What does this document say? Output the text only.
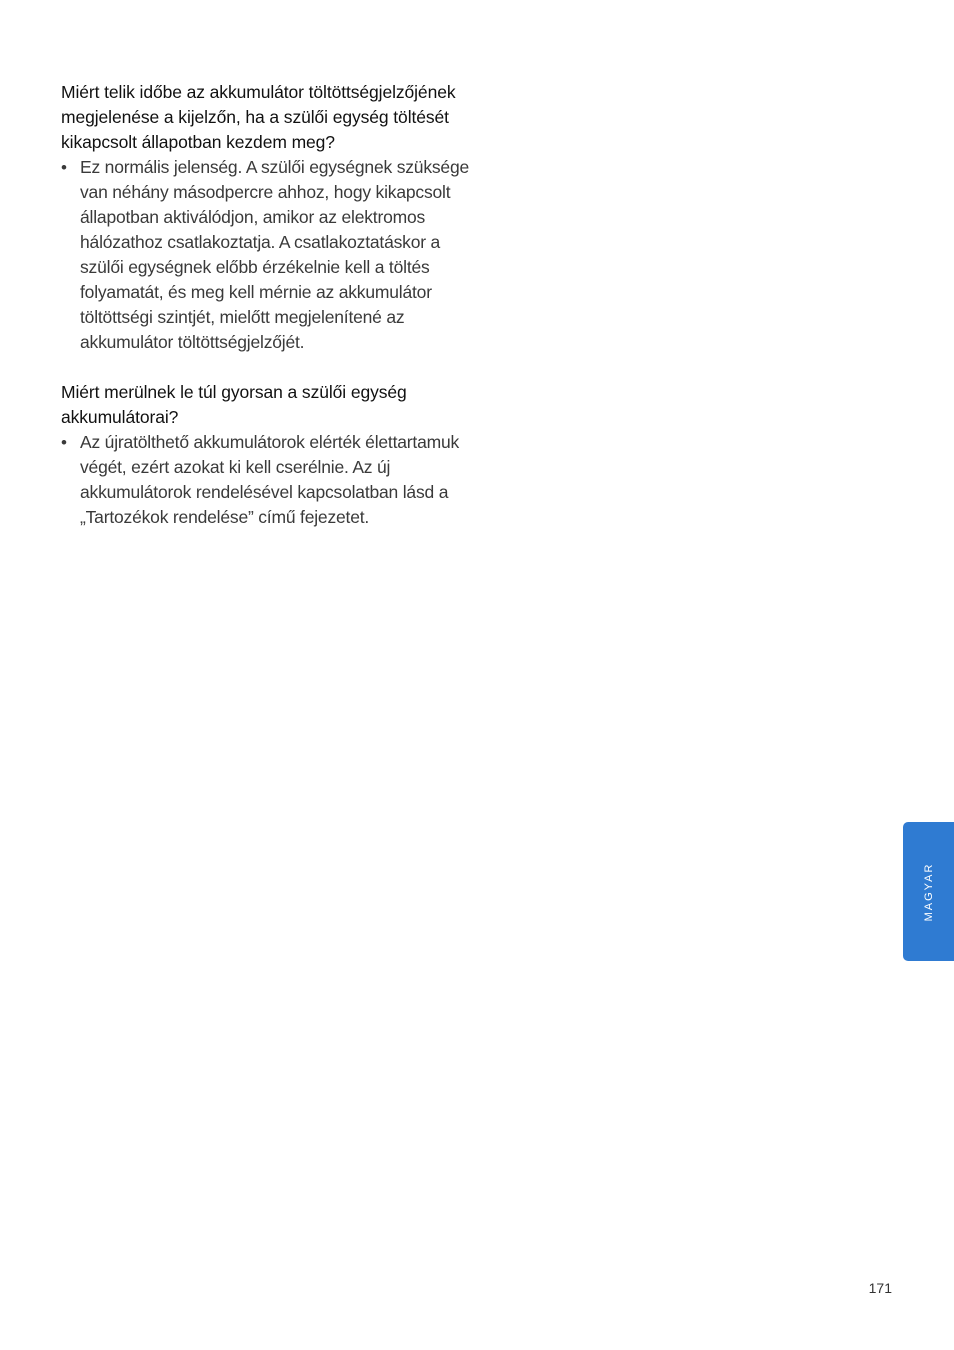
Miért telik időbe az akkumulátor töltöttségjelzőjének megjelenése a kijelzőn, ha a szülői egység töltését kikapcsolt állapotban kezdem meg?
• Ez normális jelenség. A szülői egységnek szüksége van néhány másodpercre ahhoz, hogy kikapcsolt állapotban aktiválódjon, amikor az elektromos hálózathoz csatlakoztatja. A csatlakoztatáskor a szülői egységnek előbb érzékelnie kell a töltés folyamatát, és meg kell mérnie az akkumulátor töltöttségi szintjét, mielőtt megjelenítené az akkumulátor töltöttségjelzőjét.
Miért merülnek le túl gyorsan a szülői egység akkumulátorai?
• Az újratölthető akkumulátorok elérték élettartamuk végét, ezért azokat ki kell cserélnie. Az új akkumulátorok rendelésével kapcsolatban lásd a „Tartozékok rendelése” című fejezetet.
MAGYAR
171
